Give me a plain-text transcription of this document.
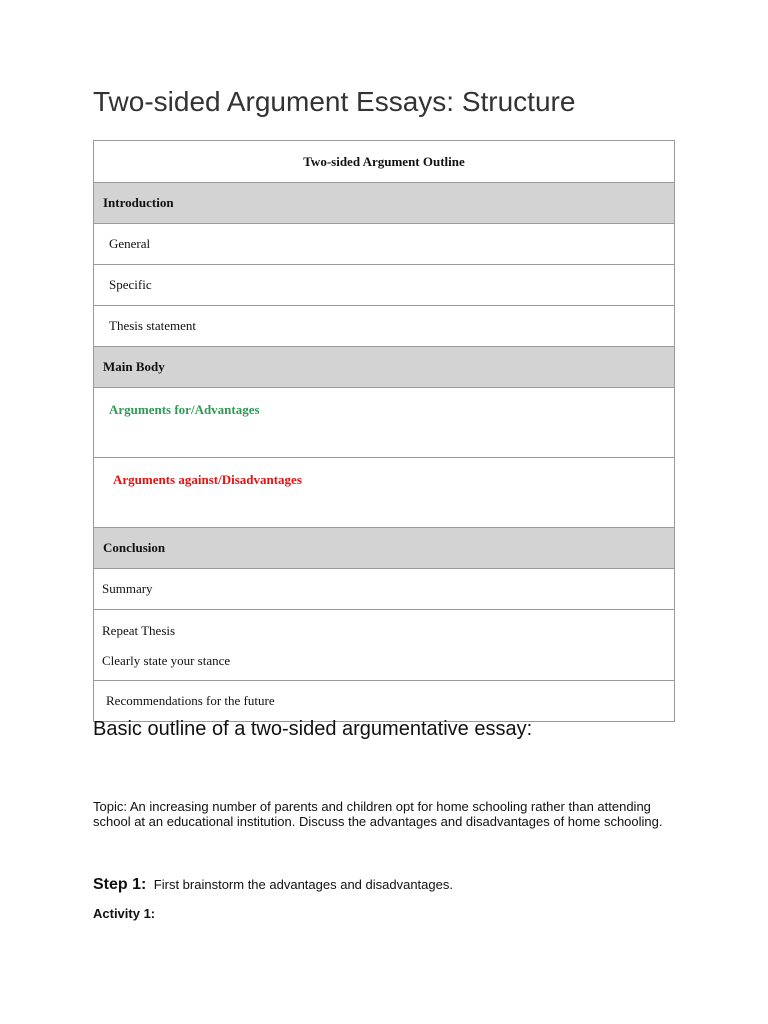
Two-sided Argument Essays: Structure
Two-sided Argument Outline
Introduction
General
Specific
Thesis statement
Main Body
Arguments for/Advantages
Arguments against/Disadvantages
Conclusion
Summary
Repeat Thesis
Clearly state your stance
Recommendations for the future
Basic outline of a two-sided argumentative essay:

Topic: An increasing number of parents and children opt for home schooling rather than attending school at an educational institution. Discuss the advantages and disadvantages of home schooling.

Step 1: First brainstorm the advantages and disadvantages.
Activity 1:
